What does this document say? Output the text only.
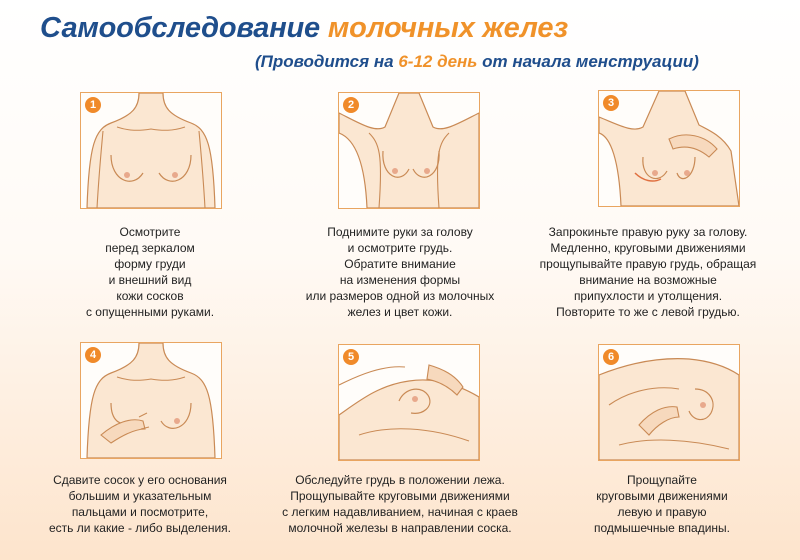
Самообследование молочных желез
(Проводится на 6-12 день от начала менструации)
1
Осмотрите
перед зеркалом
форму груди
и внешний вид
кожи сосков
с опущенными руками.
2
Поднимите руки за голову
и осмотрите грудь.
Обратите внимание
на изменения формы
или размеров одной из молочных
желез и цвет кожи.
3
Запрокиньте правую руку за голову.
Медленно, круговыми движениями
прощупывайте правую грудь, обращая
внимание на возможные
припухлости и утолщения.
Повторите то же с левой грудью.
4
Сдавите сосок у его основания
большим и указательным
пальцами и посмотрите,
есть ли какие - либо выделения.
5
Обследуйте грудь в положении лежа.
Прощупывайте круговыми движениями
с легким надавливанием, начиная с краев
молочной железы в направлении соска.
6
Прощупайте
круговыми движениями
левую и правую
подмышечные впадины.
